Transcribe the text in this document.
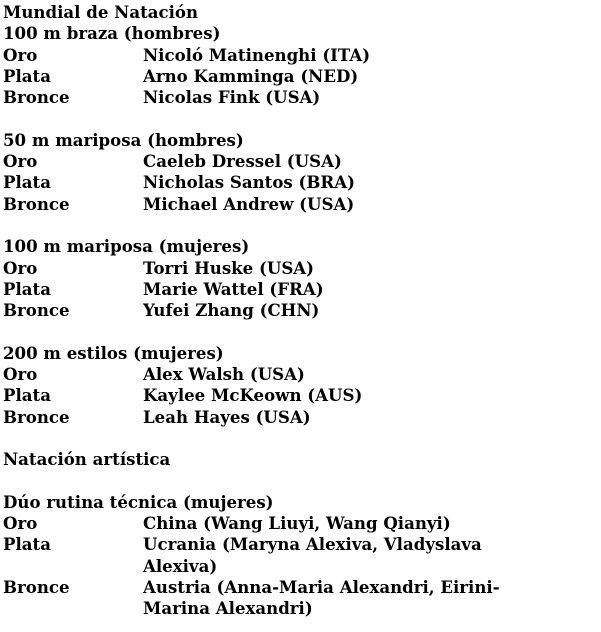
Mundial de Natación
100 m braza (hombres)
Oro	Nicoló Matinenghi (ITA)
Plata	Arno Kamminga (NED)
Bronce	Nicolas Fink (USA)
50 m mariposa (hombres)
Oro	Caeleb Dressel (USA)
Plata	Nicholas Santos (BRA)
Bronce	Michael Andrew (USA)
100 m mariposa (mujeres)
Oro	Torri Huske (USA)
Plata	Marie Wattel (FRA)
Bronce	Yufei Zhang (CHN)
200 m estilos (mujeres)
Oro	Alex Walsh (USA)
Plata	Kaylee McKeown (AUS)
Bronce	Leah Hayes (USA)
Natación artística
Dúo rutina técnica (mujeres)
Oro	China (Wang Liuyi, Wang Qianyi)
Plata	Ucrania (Maryna Alexiva, Vladyslava Alexiva)
Bronce	Austria (Anna-Maria Alexandri, Eirini-Marina Alexandri)
